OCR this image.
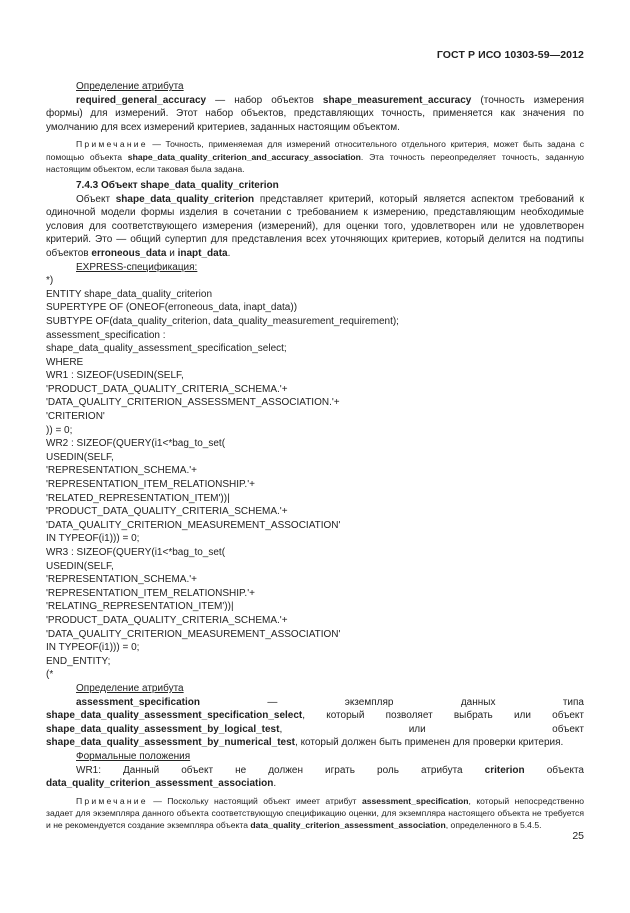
ГОСТ Р ИСО 10303-59—2012

Определение атрибута

required_general_accuracy — набор объектов shape_measurement_accuracy (точность измерения формы) для измерений. Этот набор объектов, представляющих точность, применяется как значения по умолчанию для всех измерений критериев, заданных настоящим объектом.

Примечание — Точность, применяемая для измерений относительного отдельного критерия, может быть задана с помощью объекта shape_data_quality_criterion_and_accuracy_association. Эта точность переопределяет точность, заданную настоящим объектом, если таковая была задана.

7.4.3 Объект shape_data_quality_criterion

Объект shape_data_quality_criterion представляет критерий, который является аспектом требований к одиночной модели формы изделия в сочетании с требованием к измерению, представляющим необходимые условия для соответствующего измерения (измерений), для оценки того, удовлетворен или не удовлетворен критерий. Это — общий супертип для представления всех уточняющих критериев, который делится на подтипы объектов erroneous_data и inapt_data.

EXPRESS-спецификация:

*)
ENTITY shape_data_quality_criterion
SUPERTYPE OF (ONEOF(erroneous_data, inapt_data))
SUBTYPE OF(data_quality_criterion, data_quality_measurement_requirement);
assessment_specification :
shape_data_quality_assessment_specification_select;
WHERE
WR1 : SIZEOF(USEDIN(SELF,
'PRODUCT_DATA_QUALITY_CRITERIA_SCHEMA.'+
'DATA_QUALITY_CRITERION_ASSESSMENT_ASSOCIATION.'+
'CRITERION'
)) = 0;
WR2 : SIZEOF(QUERY(i1<*bag_to_set(
USEDIN(SELF,
'REPRESENTATION_SCHEMA.'+
'REPRESENTATION_ITEM_RELATIONSHIP.'+
'RELATED_REPRESENTATION_ITEM'))|
'PRODUCT_DATA_QUALITY_CRITERIA_SCHEMA.'+
'DATA_QUALITY_CRITERION_MEASUREMENT_ASSOCIATION'
IN TYPEOF(i1))) = 0;
WR3 : SIZEOF(QUERY(i1<*bag_to_set(
USEDIN(SELF,
'REPRESENTATION_SCHEMA.'+
'REPRESENTATION_ITEM_RELATIONSHIP.'+
'RELATING_REPRESENTATION_ITEM'))|
'PRODUCT_DATA_QUALITY_CRITERIA_SCHEMA.'+
'DATA_QUALITY_CRITERION_MEASUREMENT_ASSOCIATION'
IN TYPEOF(i1))) = 0;
END_ENTITY;
(*

Определение атрибута

assessment_specification — экземпляр данных типа shape_data_quality_assessment_specification_select, который позволяет выбрать или объект shape_data_quality_assessment_by_logical_test, или объект shape_data_quality_assessment_by_numerical_test, который должен быть применен для проверки критерия.

Формальные положения

WR1: Данный объект не должен играть роль атрибута criterion объекта data_quality_criterion_assessment_association.

Примечание — Поскольку настоящий объект имеет атрибут assessment_specification, который непосредственно задает для экземпляра данного объекта соответствующую спецификацию оценки, для экземпляра настоящего объекта не требуется и не рекомендуется создание экземпляра объекта data_quality_criterion_assessment_association, определенного в 5.4.5.

25
